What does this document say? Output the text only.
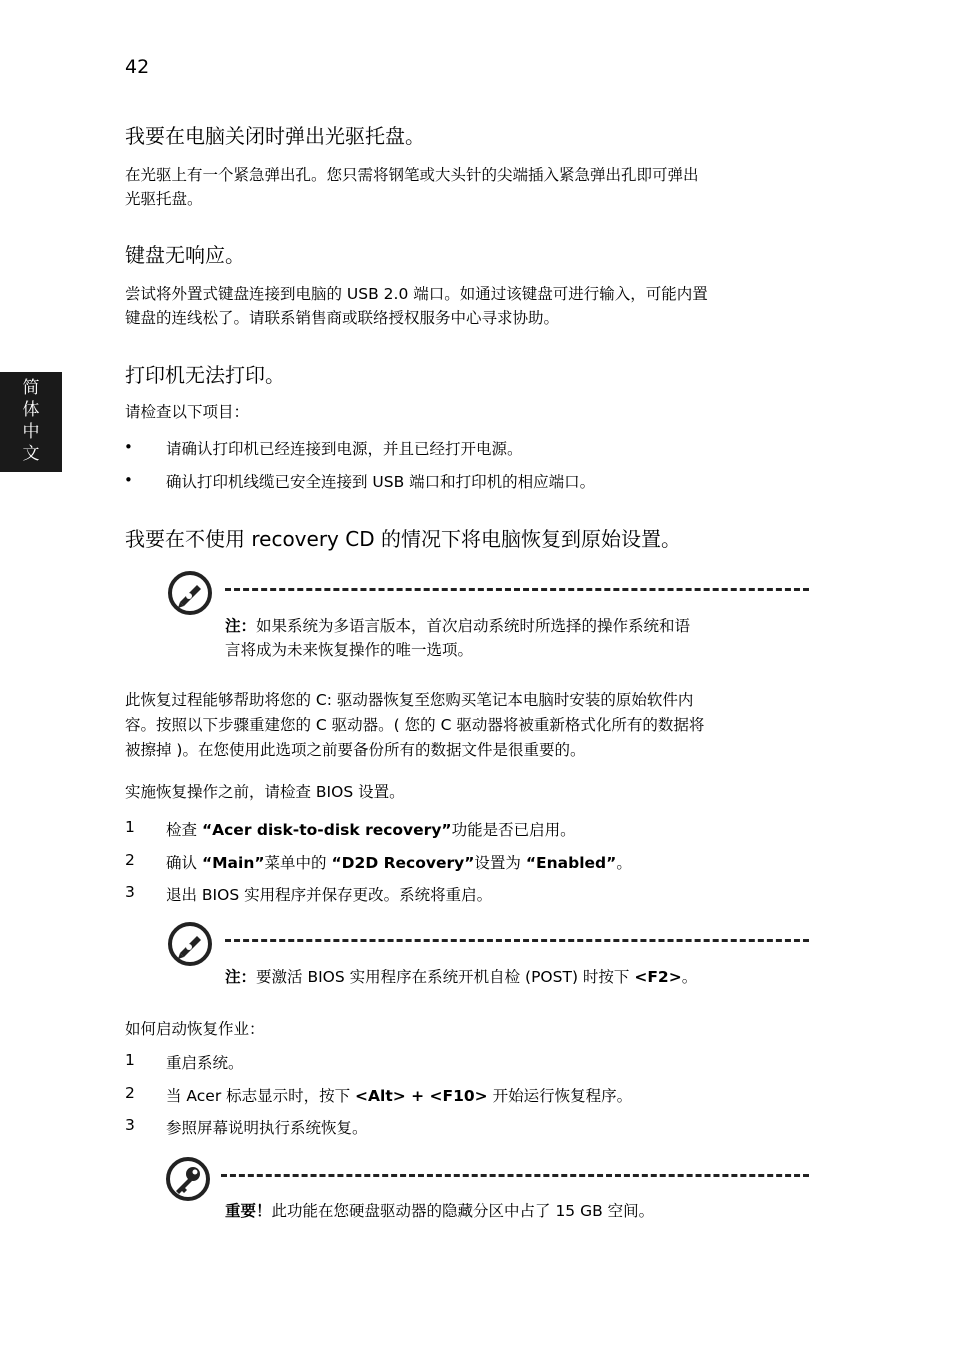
42
简
体
中
文
我要在电脑关闭时弹出光驱托盘。

在光驱上有一个紧急弹出孔。您只需将钢笔或大头针的尖端插入紧急弹出孔即可弹出

光驱托盘。

键盘无响应。

尝试将外置式键盘连接到电脑的 USB 2.0 端口。如通过该键盘可进行输入，可能内置

键盘的连线松了。请联系销售商或联络授权服务中心寻求协助。

打印机无法打印。

请检查以下项目：

• 请确认打印机已经连接到电源，并且已经打开电源。
• 确认打印机线缆已安全连接到 USB 端口和打印机的相应端口。
我要在不使用 recovery CD 的情况下将电脑恢复到原始设置。
注：如果系统为多语言版本，首次启动系统时所选择的操作系统和语
言将成为未来恢复操作的唯一选项。

此恢复过程能够帮助将您的 C: 驱动器恢复至您购买笔记本电脑时安装的原始软件内

容。按照以下步骤重建您的 C 驱动器。( 您的 C 驱动器将被重新格式化所有的数据将

被擦掉 )。在您使用此选项之前要备份所有的数据文件是很重要的。

实施恢复操作之前，请检查 BIOS 设置。

1 检查 “Acer disk-to-disk recovery”功能是否已启用。
2 确认 “Main”菜单中的 “D2D Recovery”设置为 “Enabled”。
3 退出 BIOS 实用程序并保存更改。系统将重启。
注：要激活 BIOS 实用程序在系统开机自检 (POST) 时按下 <F2>。

如何启动恢复作业：

1 重启系统。
2 当 Acer 标志显示时，按下 <Alt> + <F10> 开始运行恢复程序。
3 参照屏幕说明执行系统恢复。
重要！此功能在您硬盘驱动器的隐藏分区中占了 15 GB 空间。
